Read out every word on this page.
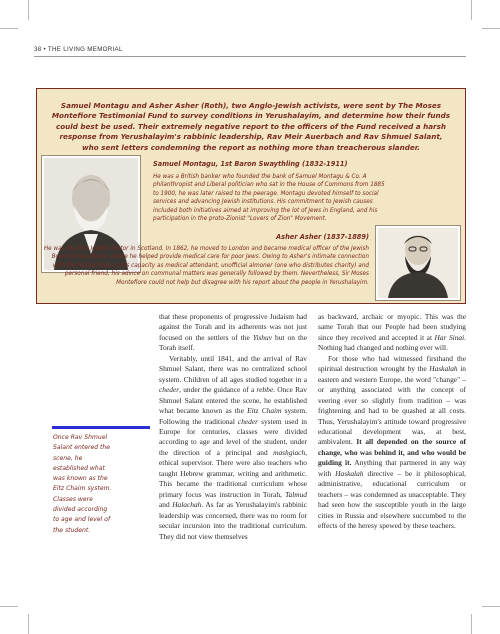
38 • THE LIVING MEMORIAL
Samuel Montagu and Asher Asher (Roth), two Anglo-Jewish activists, were sent by The Moses Montefiore Testimonial Fund to survey conditions in Yerushalayim, and determine how their funds could best be used. Their extremely negative report to the officers of the Fund received a harsh response from Yerushalayim's rabbinic leadership, Rav Meir Auerbach and Rav Shmuel Salant, who sent letters condemning the report as nothing more than treacherous slander.
Samuel Montagu, 1st Baron Swaythling (1832-1911)
He was a British banker who founded the bank of Samuel Montagu & Co. A philanthropist and Liberal politician who sat in the House of Commons from 1885 to 1900, he was later raised to the peerage. Montagu devoted himself to social services and advancing Jewish institutions. His commitment to Jewish causes included both initiatives aimed at improving the lot of Jews in England, and his participation in the proto-Zionist "Lovers of Zion" Movement.
Asher Asher (1837-1889)
He was the first Jewish doctor in Scotland. In 1862, he moved to London and became medical officer of the Jewish Board of Guardians, where he helped provide medical care for poor Jews. Owing to Asher's intimate connection with the Rothschilds, in his capacity as medical attendant, unofficial almoner (one who distributes charity) and personal friend, his advice on communal matters was generally followed by them. Nevertheless, Sir Moses Montefiore could not help but disagree with his report about the people in Yerushalayim.
Once Rav Shmuel Salant entered the scene, he established what was known as the Eitz Chaim system. Classes were divided according to age and level of the student.

that these proponents of progressive Judaism had against the Torah and its adherents was not just focused on the settlers of the Yishuv but on the Torah itself.

Veritably, until 1841, and the arrival of Rav Shmuel Salant, there was no centralized school system. Children of all ages studied together in a cheder, under the guidance of a rebbe. Once Rav Shmuel Salant entered the scene, he established what became known as the Eitz Chaim system. Following the traditional cheder system used in Europe for centuries, classes were divided according to age and level of the student, under the direction of a principal and mashgiach, ethical supervisor. There were also teachers who taught Hebrew grammar, writing and arithmetic. This became the traditional curriculum whose primary focus was instruction in Torah, Talmud and Halachah. As far as Yerushalayim's rabbinic leadership was concerned, there was no room for secular incursion into the traditional curriculum. They did not view themselves

as backward, archaic or myopic. This was the same Torah that our People had been studying since they received and accepted it at Har Sinai. Nothing had changed and nothing ever will.

For those who had witnessed firsthand the spiritual destruction wrought by the Haskalah in eastern and western Europe, the word "change" – or anything associated with the concept of veering ever so slightly from tradition – was frightening and had to be quashed at all costs. Thus, Yerushalayim's attitude toward progressive educational development was, at best, ambivalent. It all depended on the source of change, who was behind it, and who would be guiding it. Anything that partnered in any way with Haskalah directive – be it philosophical, administrative, educational curriculum or teachers – was condemned as unacceptable. They had seen how the susceptible youth in the large cities in Russia and elsewhere succumbed to the effects of the heresy spewed by these teachers.
